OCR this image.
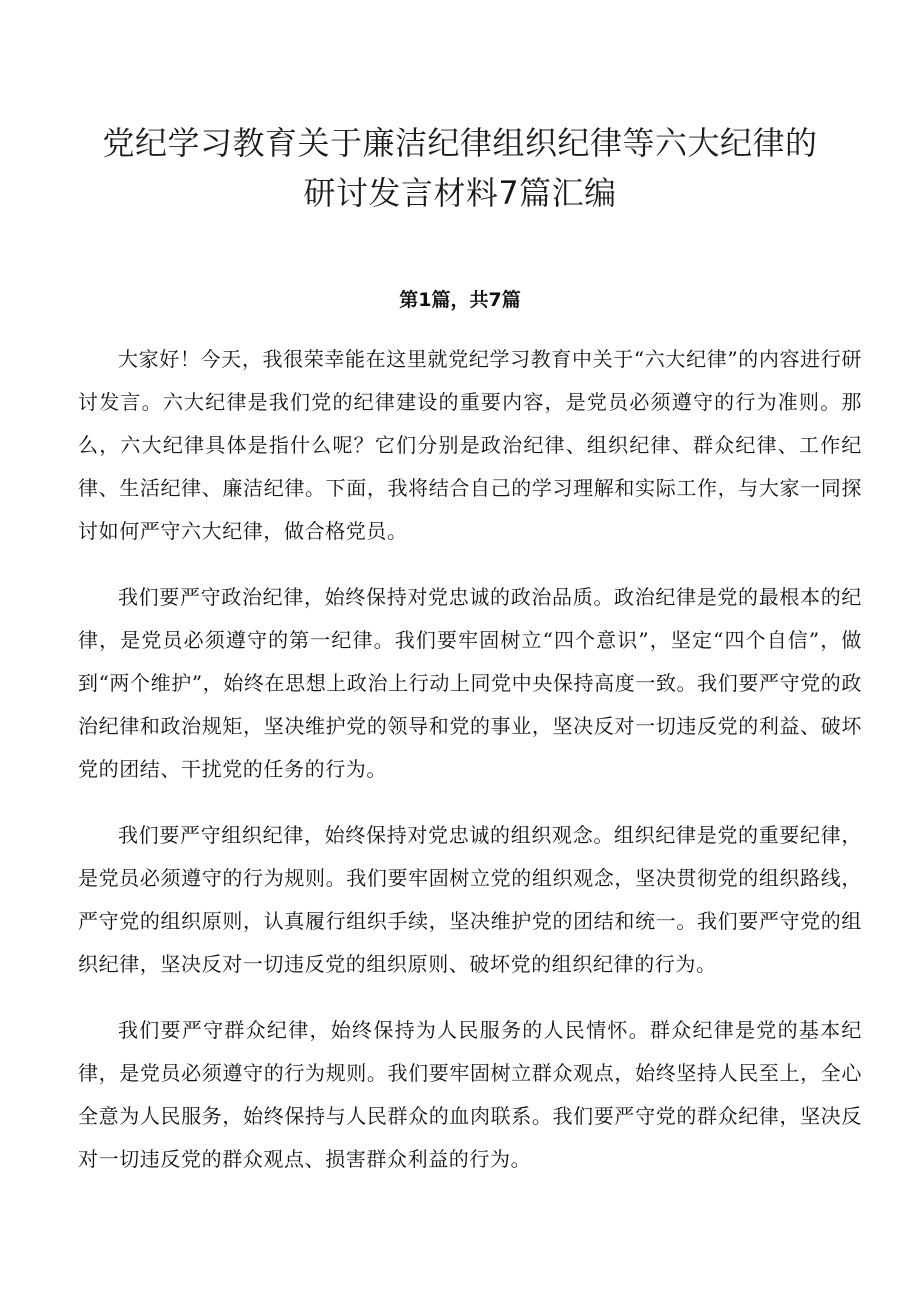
党纪学习教育关于廉洁纪律组织纪律等六大纪律的
研讨发言材料7篇汇编
第1篇，共7篇

大家好！今天，我很荣幸能在这里就党纪学习教育中关于“六大纪律”的内容进行研讨发言。六大纪律是我们党的纪律建设的重要内容，是党员必须遵守的行为准则。那么，六大纪律具体是指什么呢？它们分别是政治纪律、组织纪律、群众纪律、工作纪律、生活纪律、廉洁纪律。下面，我将结合自己的学习理解和实际工作，与大家一同探讨如何严守六大纪律，做合格党员。

我们要严守政治纪律，始终保持对党忠诚的政治品质。政治纪律是党的最根本的纪律，是党员必须遵守的第一纪律。我们要牢固树立“四个意识”，坚定“四个自信”，做到“两个维护”，始终在思想上政治上行动上同党中央保持高度一致。我们要严守党的政治纪律和政治规矩，坚决维护党的领导和党的事业，坚决反对一切违反党的利益、破坏党的团结、干扰党的任务的行为。

我们要严守组织纪律，始终保持对党忠诚的组织观念。组织纪律是党的重要纪律，是党员必须遵守的行为规则。我们要牢固树立党的组织观念，坚决贯彻党的组织路线，严守党的组织原则，认真履行组织手续，坚决维护党的团结和统一。我们要严守党的组织纪律，坚决反对一切违反党的组织原则、破坏党的组织纪律的行为。

我们要严守群众纪律，始终保持为人民服务的人民情怀。群众纪律是党的基本纪律，是党员必须遵守的行为规则。我们要牢固树立群众观点，始终坚持人民至上，全心全意为人民服务，始终保持与人民群众的血肉联系。我们要严守党的群众纪律，坚决反对一切违反党的群众观点、损害群众利益的行为。
